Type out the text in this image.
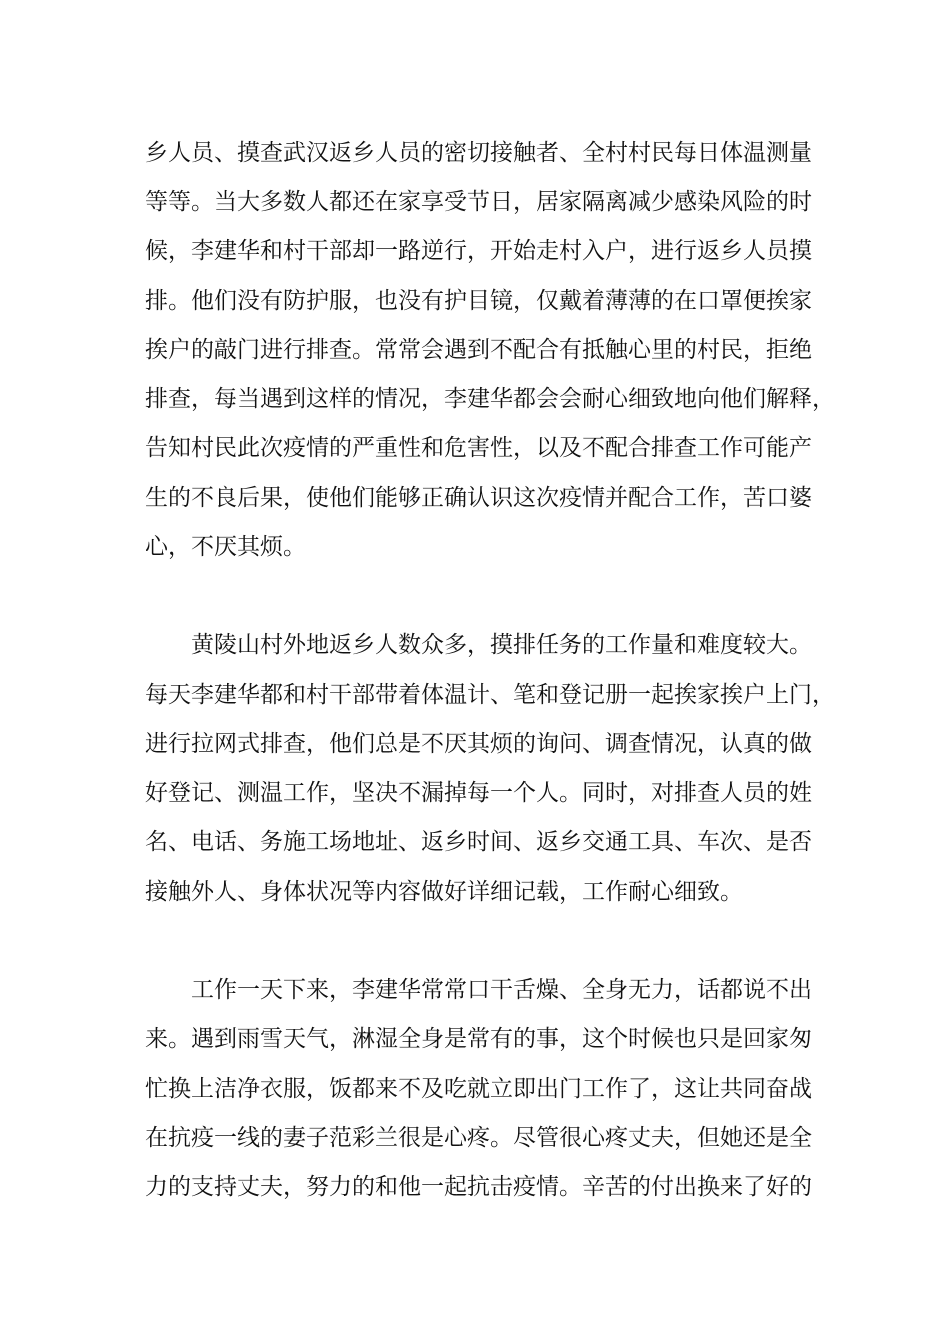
乡人员、摸查武汉返乡人员的密切接触者、全村村民每日体温测量
等等。当大多数人都还在家享受节日，居家隔离减少感染风险的时
候，李建华和村干部却一路逆行，开始走村入户，进行返乡人员摸
排。他们没有防护服，也没有护目镜，仅戴着薄薄的在口罩便挨家
挨户的敲门进行排查。常常会遇到不配合有抵触心里的村民，拒绝
排查，每当遇到这样的情况，李建华都会会耐心细致地向他们解释，
告知村民此次疫情的严重性和危害性，以及不配合排查工作可能产
生的不良后果，使他们能够正确认识这次疫情并配合工作，苦口婆
心，不厌其烦。
黄陵山村外地返乡人数众多，摸排任务的工作量和难度较大。
每天李建华都和村干部带着体温计、笔和登记册一起挨家挨户上门，
进行拉网式排查，他们总是不厌其烦的询问、调查情况，认真的做
好登记、测温工作，坚决不漏掉每一个人。同时，对排查人员的姓
名、电话、务施工场地址、返乡时间、返乡交通工具、车次、是否
接触外人、身体状况等内容做好详细记载，工作耐心细致。
工作一天下来，李建华常常口干舌燥、全身无力，话都说不出
来。遇到雨雪天气，淋湿全身是常有的事，这个时候也只是回家匆
忙换上洁净衣服，饭都来不及吃就立即出门工作了，这让共同奋战
在抗疫一线的妻子范彩兰很是心疼。尽管很心疼丈夫，但她还是全
力的支持丈夫，努力的和他一起抗击疫情。辛苦的付出换来了好的
